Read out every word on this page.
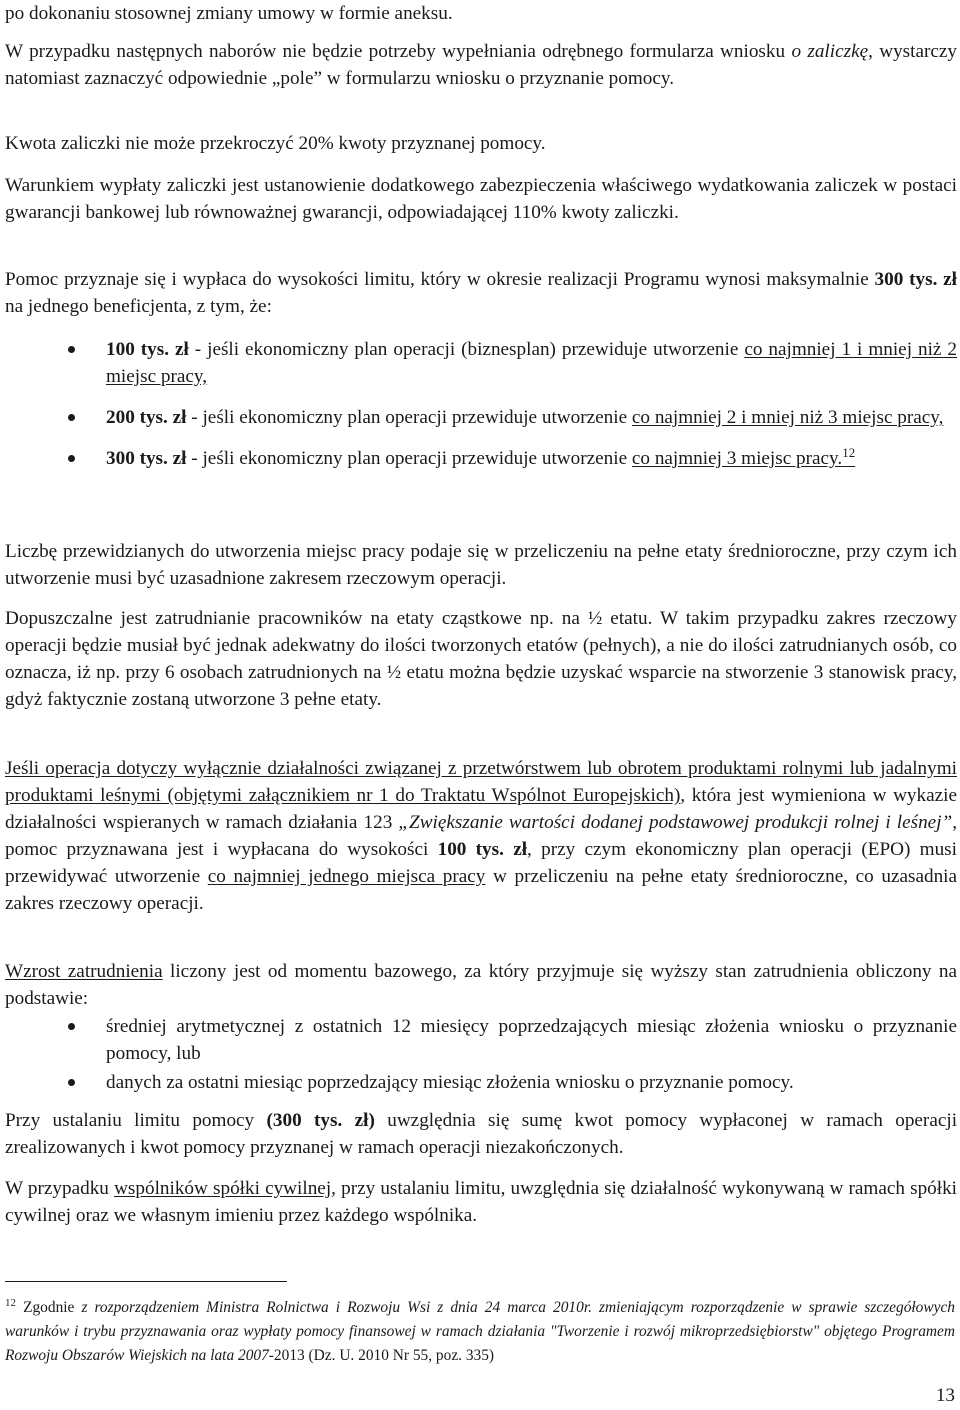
po dokonaniu stosownej zmiany umowy w formie aneksu.

W przypadku następnych naborów nie będzie potrzeby wypełniania odrębnego formularza wniosku o zaliczkę, wystarczy natomiast zaznaczyć odpowiednie „pole” w formularzu wniosku o przyznanie pomocy.

Kwota zaliczki nie może przekroczyć 20% kwoty przyznanej pomocy.

Warunkiem wypłaty zaliczki jest ustanowienie dodatkowego zabezpieczenia właściwego wydatkowania zaliczek w postaci gwarancji bankowej lub równoważnej gwarancji, odpowiadającej 110% kwoty zaliczki.

Pomoc przyznaje się i wypłaca do wysokości limitu, który w okresie realizacji Programu wynosi maksymalnie 300 tys. zł na jednego beneficjenta, z tym, że:

100 tys. zł - jeśli ekonomiczny plan operacji (biznesplan) przewiduje utworzenie co najmniej 1 i mniej niż 2 miejsc pracy,
200 tys. zł - jeśli ekonomiczny plan operacji przewiduje utworzenie co najmniej 2 i mniej niż 3 miejsc pracy,
300 tys. zł - jeśli ekonomiczny plan operacji przewiduje utworzenie co najmniej 3 miejsc pracy.$^{12}$

Liczbę przewidzianych do utworzenia miejsc pracy podaje się w przeliczeniu na pełne etaty średnioroczne, przy czym ich utworzenie musi być uzasadnione zakresem rzeczowym operacji.

Dopuszczalne jest zatrudnianie pracowników na etaty cząstkowe np. na ½ etatu. W takim przypadku zakres rzeczowy operacji będzie musiał być jednak adekwatny do ilości tworzonych etatów (pełnych), a nie do ilości zatrudnianych osób, co oznacza, iż np. przy 6 osobach zatrudnionych na ½ etatu można będzie uzyskać wsparcie na stworzenie 3 stanowisk pracy, gdyż faktycznie zostaną utworzone 3 pełne etaty.

Jeśli operacja dotyczy wyłącznie działalności związanej z przetwórstwem lub obrotem produktami rolnymi lub jadalnymi produktami leśnymi (objętymi załącznikiem nr 1 do Traktatu Wspólnot Europejskich), która jest wymieniona w wykazie działalności wspieranych w ramach działania 123 „Zwiększanie wartości dodanej podstawowej produkcji rolnej i leśnej”, pomoc przyznawana jest i wypłacana do wysokości 100 tys. zł, przy czym ekonomiczny plan operacji (EPO) musi przewidywać utworzenie co najmniej jednego miejsca pracy w przeliczeniu na pełne etaty średnioroczne, co uzasadnia zakres rzeczowy operacji.

Wzrost zatrudnienia liczony jest od momentu bazowego, za który przyjmuje się wyższy stan zatrudnienia obliczony na podstawie:

średniej arytmetycznej z ostatnich 12 miesięcy poprzedzających miesiąc złożenia wniosku o przyznanie pomocy, lub
danych za ostatni miesiąc poprzedzający miesiąc złożenia wniosku o przyznanie pomocy.

Przy ustalaniu limitu pomocy (300 tys. zł) uwzględnia się sumę kwot pomocy wypłaconej w ramach operacji zrealizowanych i kwot pomocy przyznanej w ramach operacji niezakończonych.

W przypadku wspólników spółki cywilnej, przy ustalaniu limitu, uwzględnia się działalność wykonywaną w ramach spółki cywilnej oraz we własnym imieniu przez każdego wspólnika.

$^{12}$ Zgodnie z rozporządzeniem Ministra Rolnictwa i Rozwoju Wsi z dnia 24 marca 2010r. zmieniającym rozporządzenie w sprawie szczegółowych warunków i trybu przyznawania oraz wypłaty pomocy finansowej w ramach działania "Tworzenie i rozwój mikroprzedsiębiorstw" objętego Programem Rozwoju Obszarów Wiejskich na lata 2007-2013 (Dz. U. 2010 Nr 55, poz. 335)

13
